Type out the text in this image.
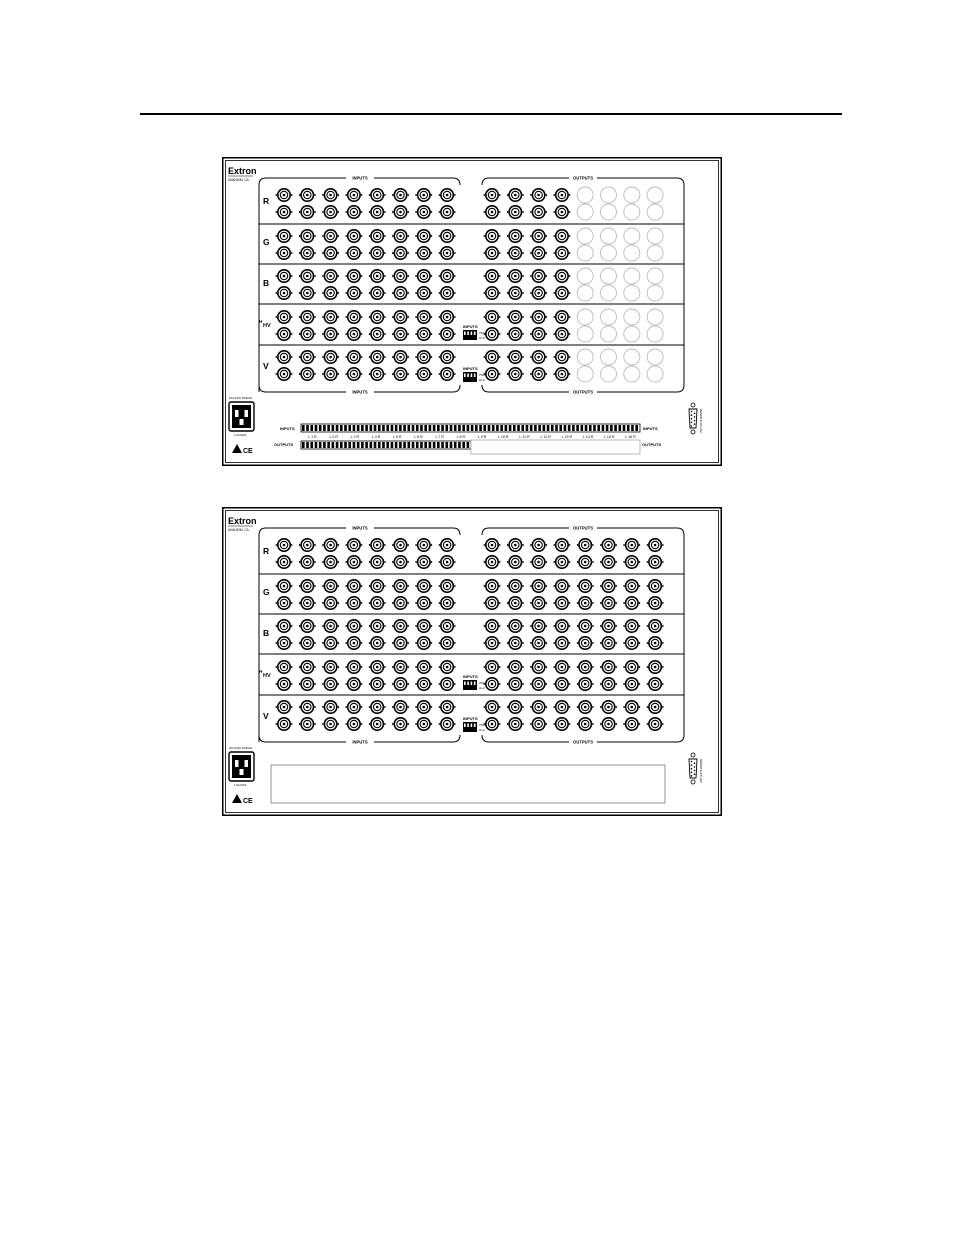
Extron
ANAHEIM, CA	INPUTS
INPUTS
OUTPUTS
OUTPUTS
R
G
B
H
HV
V
INPUTS
75Ω
Hi-Z
INPUTS
75Ω
Hi-Z
100-240V 50/60Hz
1.0A MAX
CE
REMOTE RS-232
INPUTS	INPUTS
OUTPUTS	OUTPUTS
L 1 R	L 2 R	L 3 R	L 4 R	L 5 R	L 6 R	L 7 R	L 8 R	L 9 R	L 10 R	L 11 R	L 12 R	L 13 R	L 14 R	L 15 R	L 16 R
Extron
ANAHEIM, CA	INPUTS
INPUTS
OUTPUTS
OUTPUTS
R
G
B
H
HV
V
INPUTS
75Ω
Hi-Z
INPUTS
75Ω
Hi-Z
100-240V 50/60Hz
1.0A MAX
CE
REMOTE RS-232
